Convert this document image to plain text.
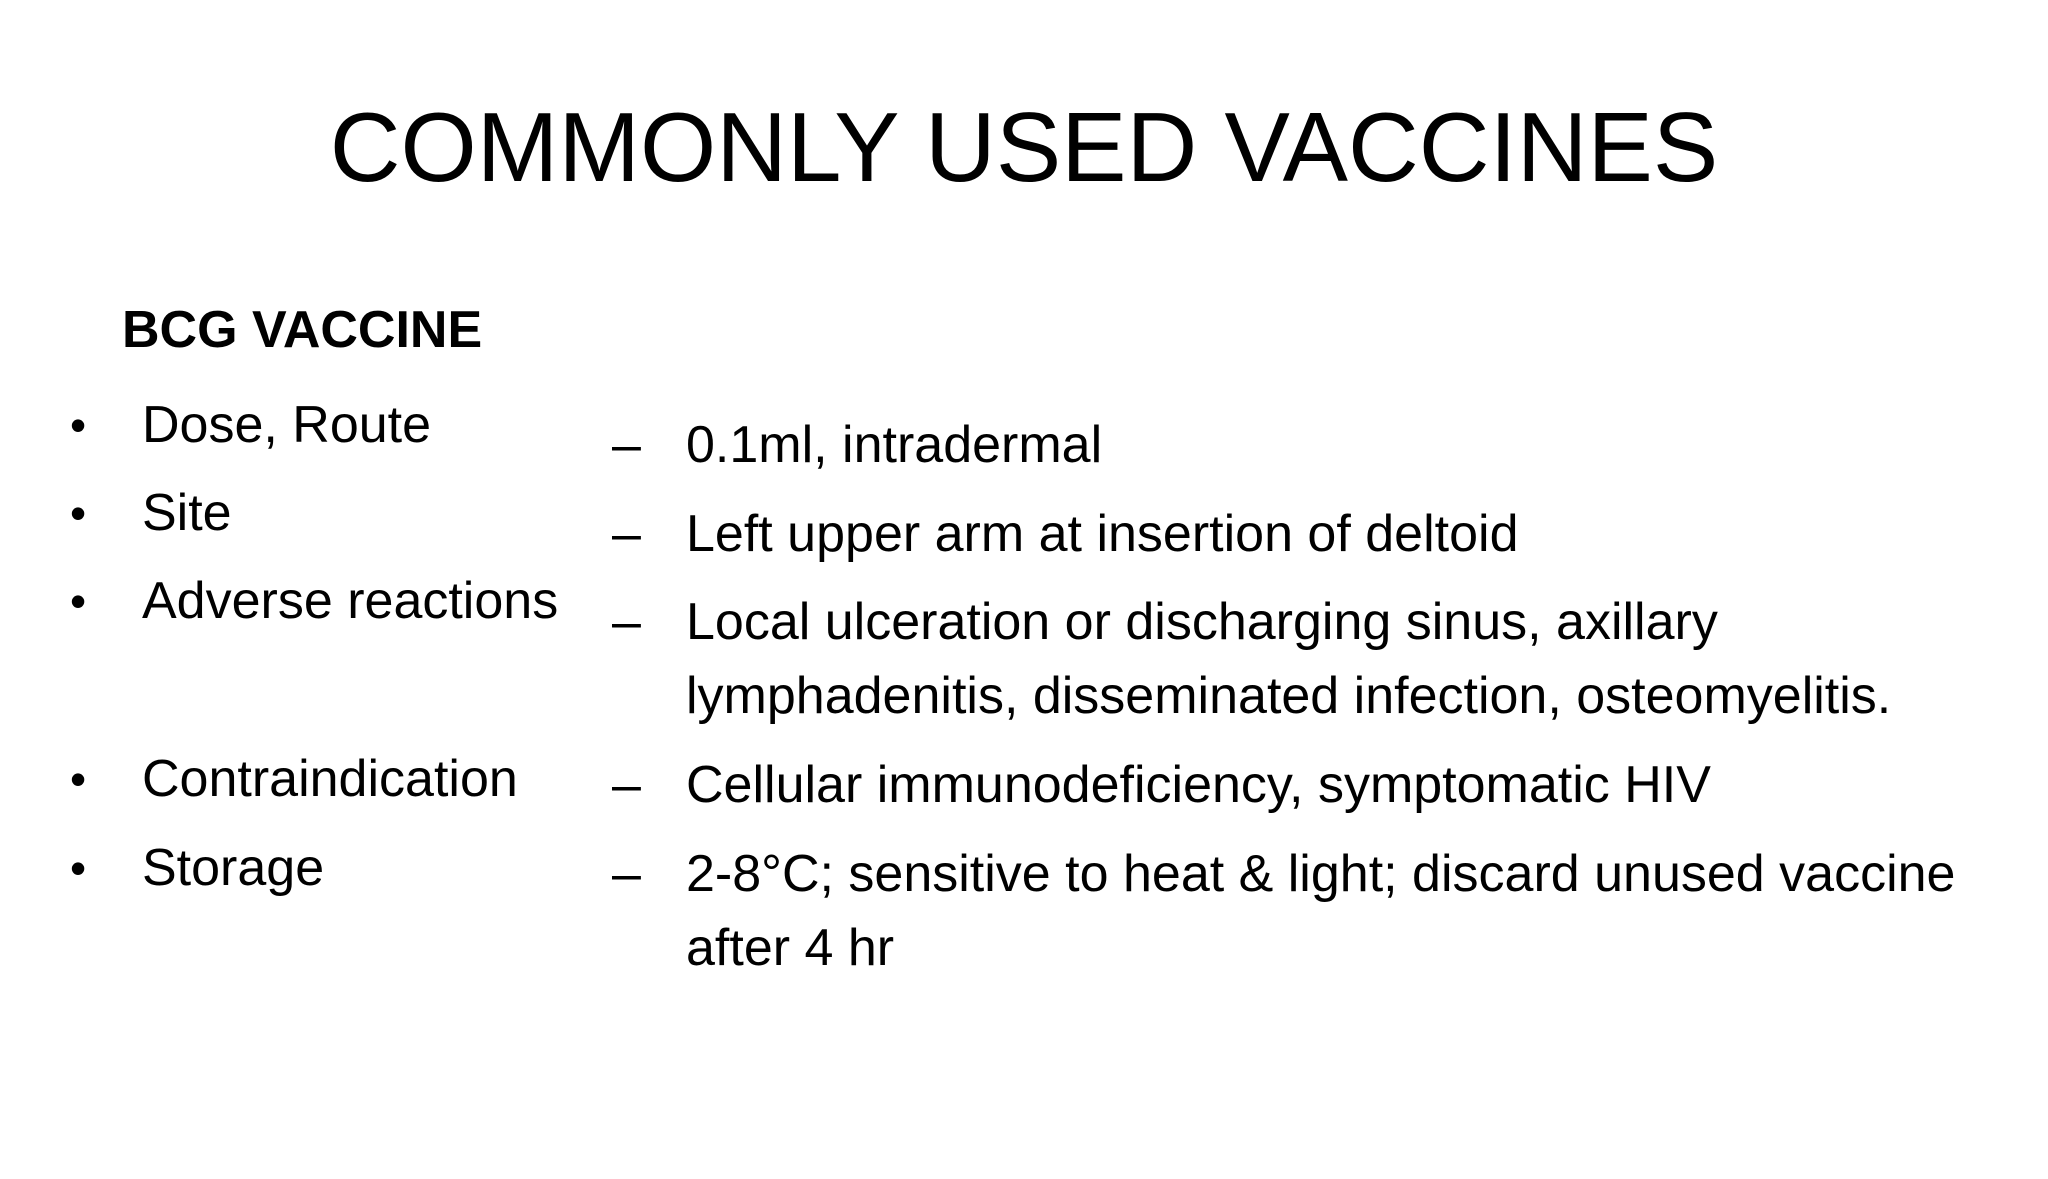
COMMONLY USED VACCINES
BCG VACCINE
• Dose, Route	– 0.1ml, intradermal
• Site	– Left upper arm at insertion of deltoid
• Adverse reactions – Local ulceration or discharging sinus, axillary lymphadenitis, disseminated infection, osteomyelitis.
• Contraindication – Cellular immunodeficiency, symptomatic HIV
• Storage	– 2-8°C; sensitive to heat & light; discard unused vaccine after 4 hr
